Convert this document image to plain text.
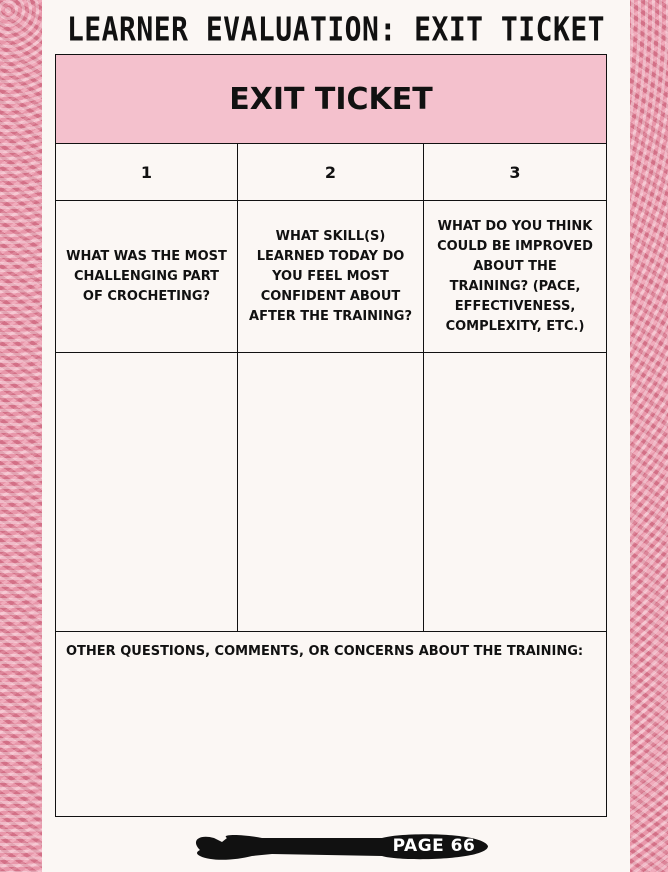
LEARNER EVALUATION: EXIT TICKET
EXIT TICKET
1	2	3
WHAT WAS THE MOST CHALLENGING PART OF CROCHETING?
WHAT SKILL(S) LEARNED TODAY DO YOU FEEL MOST CONFIDENT ABOUT AFTER THE TRAINING?
WHAT DO YOU THINK COULD BE IMPROVED ABOUT THE TRAINING? (PACE, EFFECTIVENESS, COMPLEXITY, ETC.)
OTHER QUESTIONS, COMMENTS, OR CONCERNS ABOUT THE TRAINING:
PAGE 66
